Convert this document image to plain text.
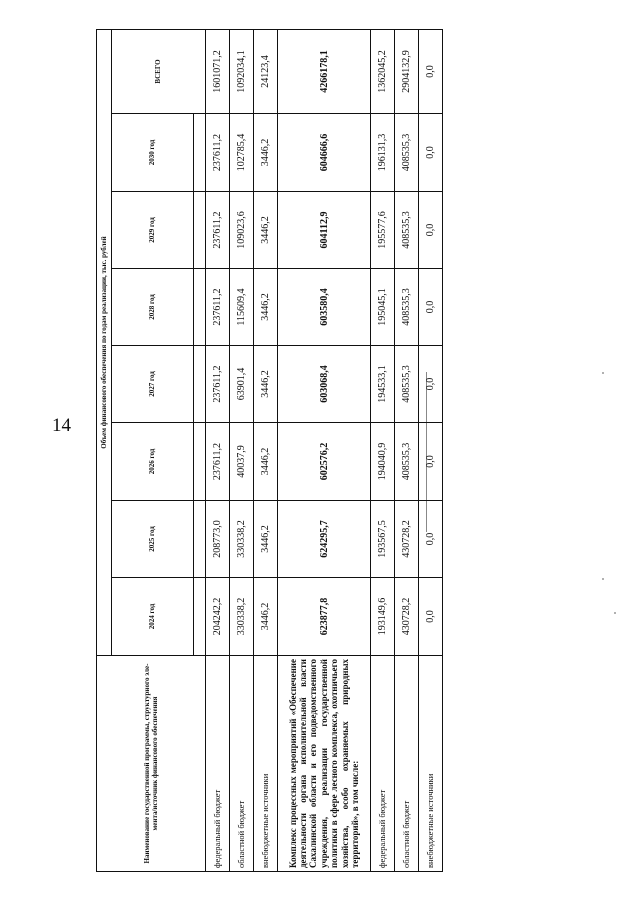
14
Наименование государственной программы, структурного эле-мента/источник финансового обеспечения	Объем финансового обеспечения по годам реализации, тыс. рублей							
	2024 год	2025 год	2026 год	2027 год	2028 год	2029 год	2030 год	ВСЕГО

федеральный бюджет	204242,2	208773,0	237611,2	237611,2	237611,2	237611,2	237611,2	1601071,2
областной бюджет	330338,2	330338,2	40037,9	63901,4	115609,4	109023,6	102785,4	1092034,1
внебюджетные источники	3446,2	3446,2	3446,2	3446,2	3446,2	3446,2	3446,2	24123,4
Комплекс процессных мероприятий «Обеспечение деятельности органа исполнительной власти Сахалинской области и его подведомственного учреждения, реализации государственной политики в сфере лесного комплекса, охотничьего хозяйства, особо охраняемых природных территорий», в том числе:	623877,8	624295,7	602576,2	603068,4	603580,4	604112,9	604666,6	4266178,1
федеральный бюджет	193149,6	193567,5	194040,9	194533,1	195045,1	195577,6	196131,3	1362045,2
областной бюджет	430728,2	430728,2	408535,3	408535,3	408535,3	408535,3	408535,3	2904132,9
внебюджетные источники	0,0	0,0	0,0	0,0	0,0	0,0	0,0	0,0
